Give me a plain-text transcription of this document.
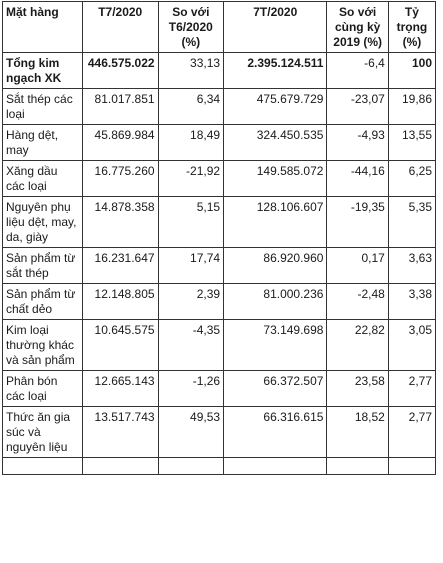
Mặt hàng	T7/2020	So với T6/2020 (%)	7T/2020	So với cùng kỳ 2019 (%)	Tỷ trọng (%)
Tổng kim ngạch XK	446.575.022	33,13	2.395.124.511	-6,4	100
Sắt thép các loại	81.017.851	6,34	475.679.729	-23,07	19,86
Hàng dệt, may	45.869.984	18,49	324.450.535	-4,93	13,55
Xăng dầu các loại	16.775.260	-21,92	149.585.072	-44,16	6,25
Nguyên phụ liệu dệt, may, da, giày	14.878.358	5,15	128.106.607	-19,35	5,35
Sản phẩm từ sắt thép	16.231.647	17,74	86.920.960	0,17	3,63
Sản phẩm từ chất dẻo	12.148.805	2,39	81.000.236	-2,48	3,38
Kim loại thường khác và sản phẩm	10.645.575	-4,35	73.149.698	22,82	3,05
Phân bón các loại	12.665.143	-1,26	66.372.507	23,58	2,77
Thức ăn gia súc và nguyên liệu	13.517.743	49,53	66.316.615	18,52	2,77
